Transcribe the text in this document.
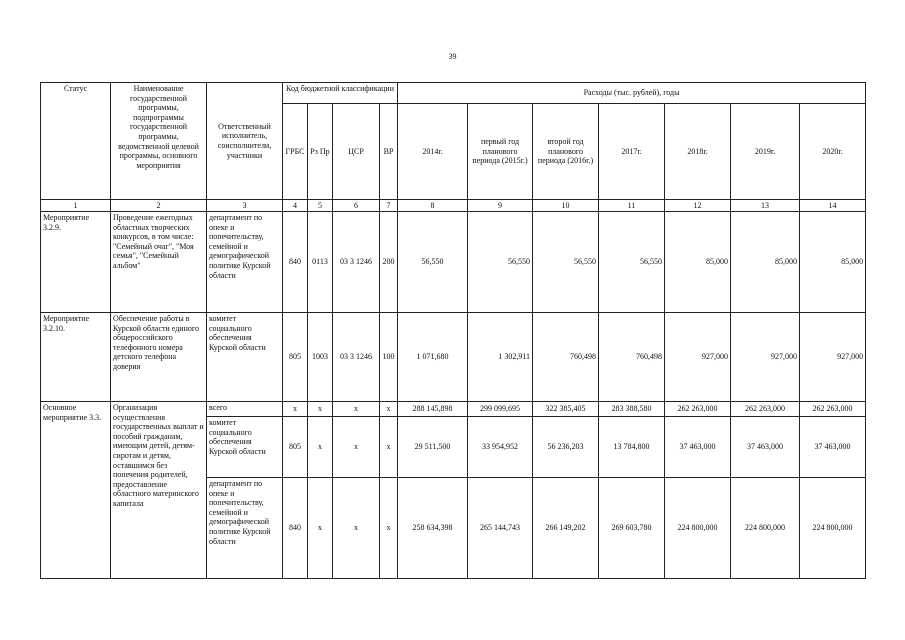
39
Статус	Наименование государственной программы, подпрограммы государственной программы, ведомственной целевой программы, основного мероприятия	Ответственный исполнитель, соисполнители, участники	Код бюджетной классификации				Расходы (тыс. рублей), годы						
			ГРБС	Рз Пр	ЦСР	ВР	2014г.	первый год планового периода (2015г.)	второй год планового периода (2016г.)	2017г.	2018г.	2019г.	2020г.
1	2	3	4	5	6	7	8	9	10	11	12	13	14
Мероприятие 3.2.9.	Проведение ежегодных областных творческих конкурсов, в том числе: "Семейный очаг", "Моя семья", "Семейный альбом"	департамент по опеке и попечительству, семейной и демографической политике Курской области	840	0113	03 3 1246	200	56,550	56,550	56,550	56,550	85,000	85,000	85,000
Мероприятие 3.2.10.	Обеспечение работы в Курской области единого общероссийского телефонного номера детского телефона доверия	комитет социального обеспечения Курской области	805	1003	03 3 1246	100	1 071,680	1 302,911	760,498	760,498	927,000	927,000	927,000
Основное мероприятие 3.3.	Организация осуществления государственных выплат и пособий гражданам, имеющим детей, детям-сиротам и детям, оставшимся без попечения родителей, предоставление областного материнского капитала	всего	x	x	x	x	288 145,898	299 099,695	322 385,405	283 388,580	262 263,000	262 263,000	262 263,000
		комитет социального обеспечения Курской области	805	x	x	x	29 511,500	33 954,952	56 236,203	13 784,800	37 463,000	37 463,000	37 463,000
		департамент по опеке и попечительству, семейной и демографической политике Курской области	840	x	x	x	258 634,398	265 144,743	266 149,202	269 603,780	224 800,000	224 800,000	224 800,000
